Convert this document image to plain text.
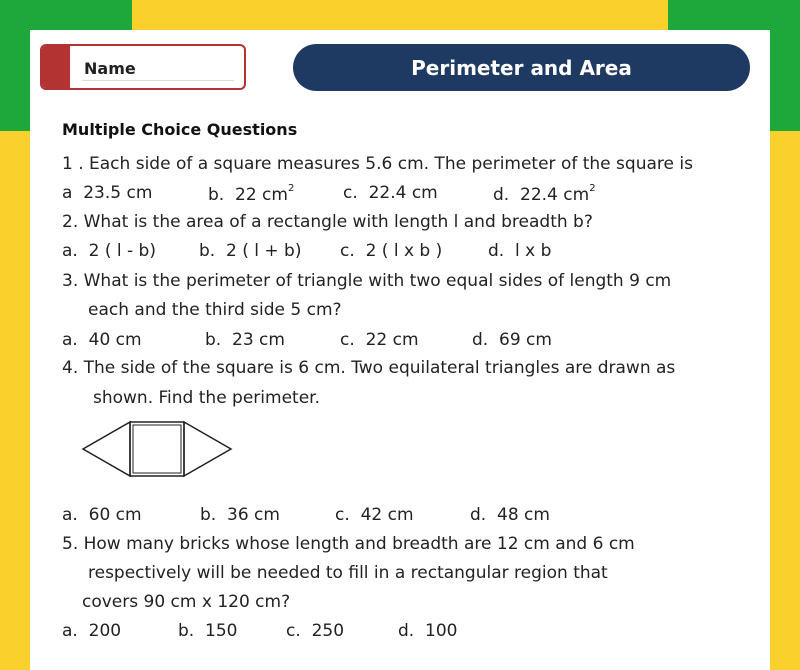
Name	Perimeter and Area
Multiple Choice Questions
1 . Each side of a square measures 5.6 cm. The perimeter of the square is
a 23.5 cm	b. 22 $cm^2$	c. 22.4 cm	d. 22.4 $cm^2$
2. What is the area of a rectangle with length l and breadth b?
a. 2 ( l - b)	b. 2 ( l + b) c. 2 ( l x b )	d. l x b
3. What is the perimeter of triangle with two equal sides of length 9 cm
each and the third side 5 cm?
a. 40 cm	b. 23 cm	c. 22 cm	d. 69 cm
4. The side of the square is 6 cm. Two equilateral triangles are drawn as
shown. Find the perimeter.
a. 60 cm	b. 36 cm	c. 42 cm	d. 48 cm
5. How many bricks whose length and breadth are 12 cm and 6 cm
respectively will be needed to fill in a rectangular region that
covers 90 cm x 120 cm?
a. 200	b. 150	c. 250	d. 100
